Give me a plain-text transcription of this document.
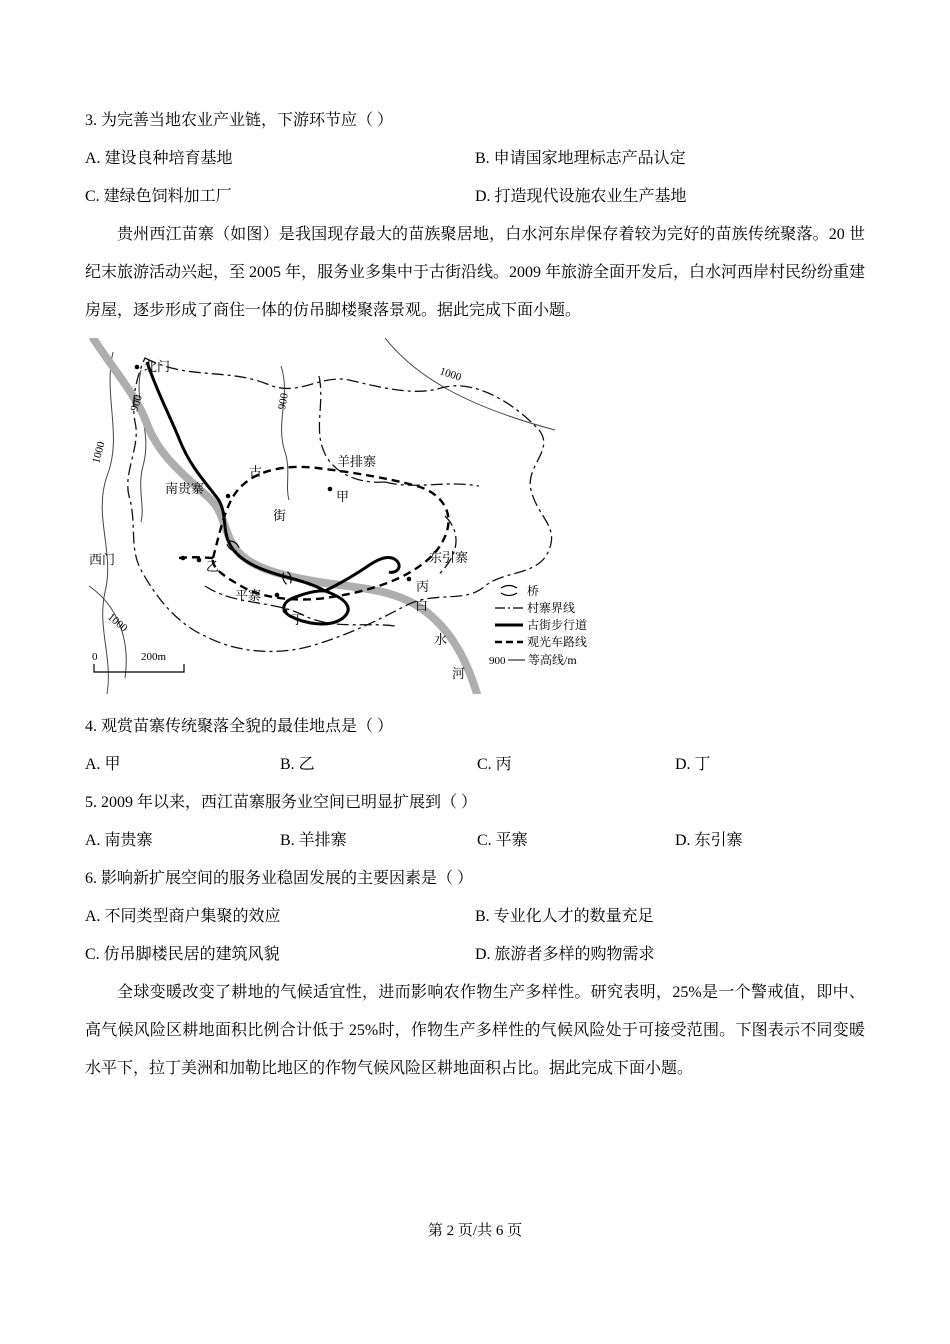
3. 为完善当地农业产业链，下游环节应（ ）
A. 建设良种培育基地	B. 申请国家地理标志产品认定
C. 建绿色饲料加工厂	D. 打造现代设施农业生产基地

贵州西江苗寨（如图）是我国现存最大的苗族聚居地，白水河东岸保存着较为完好的苗族传统聚落。20 世纪末旅游活动兴起，至 2005 年，服务业多集中于古街沿线。2009 年旅游全面开发后，白水河西岸村民纷纷重建房屋，逐步形成了商住一体的仿吊脚楼聚落景观。据此完成下面小题。

北门
南贵寨
羊排寨
甲
西门	乙
东引寨
丙
平寨
丁
古
街
白
水
河
900	900
1000
1000
1000
0	200m
桥
村寨界线
古街步行道
观光车路线
900 等高线/m
4. 观赏苗寨传统聚落全貌的最佳地点是（ ）
A. 甲	B. 乙	C. 丙	D. 丁
5. 2009 年以来，西江苗寨服务业空间已明显扩展到（ ）
A. 南贵寨	B. 羊排寨	C. 平寨	D. 东引寨
6. 影响新扩展空间的服务业稳固发展的主要因素是（ ）
A. 不同类型商户集聚的效应	B. 专业化人才的数量充足
C. 仿吊脚楼民居的建筑风貌	D. 旅游者多样的购物需求

全球变暖改变了耕地的气候适宜性，进而影响农作物生产多样性。研究表明，25%是一个警戒值，即中、高气候风险区耕地面积比例合计低于 25%时，作物生产多样性的气候风险处于可接受范围。下图表示不同变暖水平下，拉丁美洲和加勒比地区的作物气候风险区耕地面积占比。据此完成下面小题。

第 2 页/共 6 页
